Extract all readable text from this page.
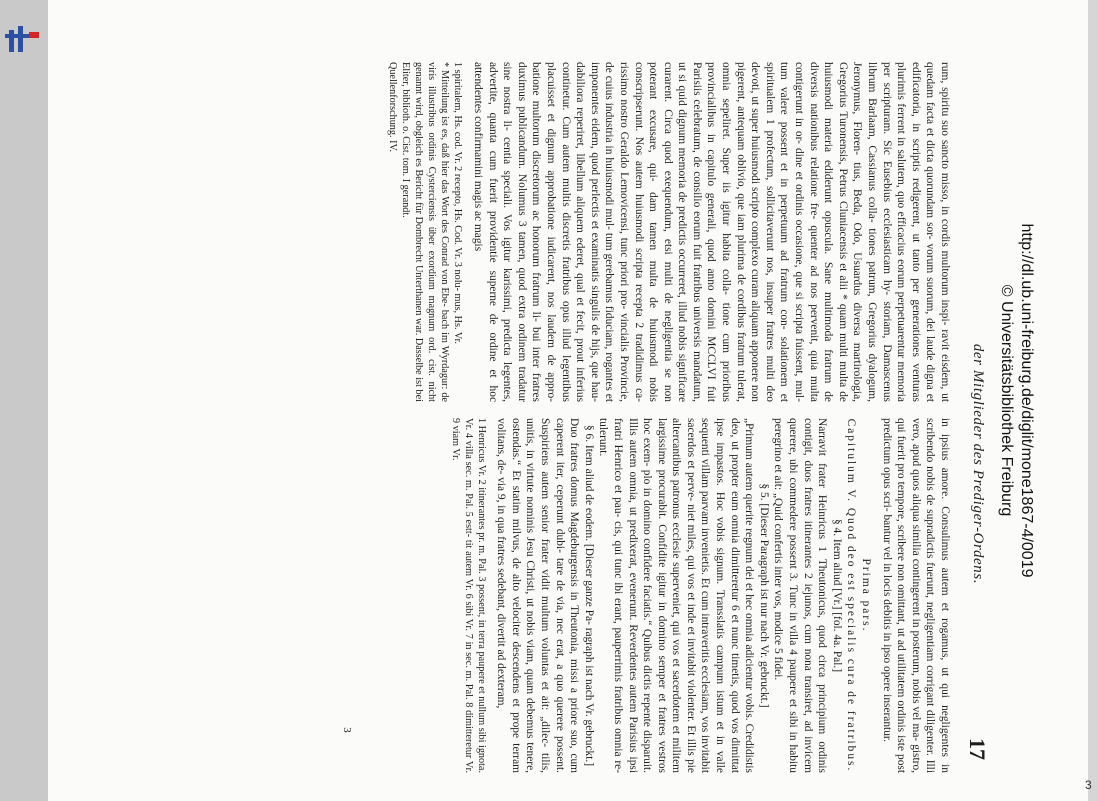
der Mitglieder des Prediger-Ordens.
17

rum, spiritu suo sancto misso, in cordis multorum inspi- ravit eisdem, ut quedam facta et dicta quorundam sor- vorum suorum, dei laude digna et edificatoria, in scriptis redigerent, ut tanto per generationes venturas plurimis ferrent in salutem, quo efficacius eorum perpetuarentur memoria per scripturam. Sic Eusebius ecclesiasticam hy- storiam, Damascenus librum Barlaam, Cassianus colla- tiones patrum, Gregorius dyalogum, Jeronymus, Floren- tius, Beda, Odo, Usuardus diversa martirologia, Gregorius Turonensis, Petrus Cluniacensis et alii * quam multi multa de huiusmodi materia ediderunt opuscula. Sane multimoda fratrum de diversis nationibus relatione fre- quenter ad nos pervenit, quia multa contigerunt in or- dine et ordinis occasione, que si scripta fuissent, mul- tum valere possent et in perpetuum ad fratrum con- solationem et spiritualem 1 profectum, sollicitaverunt nos, insuper fratres multi deo devoti, ut super huiusmodi scripto complexo curam aliquam apponere non pigerent, antequam oblivio, que iam plurima de cordibus fratrum tulerat, omnia sepeliret. Super iis igitur habita colla- tione cum prioribus provincialibus in capitulo generali, quod anno domini MCCLVI fuit Parisiis celebratum, de consilio eorum fuit fratribus universis mandatum, ut si quid dignum memoria de predictis occurreret, illud nobis significare curarent. Circa quod exequendum, etsi multi de negligentia se non poterant excusare, qui- dam tamen multa de huiusmodi nobis conscripserunt. Nos autem huiusmodi scripta recepta 2 tradidimus ca- rissimo nostro Geraldo Lemovicensi, tunc priori pro- vincialis Provincie, de cuius industria in huiusmodi mul- tum gerebamus fiduciam, rogantes et imponentes eidem, quod perlectis et examinatis singulis de hijs, que hau- dabiliora reperiret, libellum aliquem ederet, qual et fecit, prout inferius continetur. Cum autem multis discretis fratribus opus illud legentibus placuisset et dignum approbatione iudicarent, nos laudem de appro- batione multorum discretorum ac honorum fratrum li- bui inter fratres duximus publicandum. Nolumus 3 tamen, quod extra ordinem tradatur sine nostra li- centia speciali. Vos igitur karissimi, predicta legentes, advertite, quanta cum fuerit providentie superne de ordine et hoc attendentes confirmamini magis ac magis

1 spiritalem, Hs. cod. Vr. 2 recepto, Hs. Cod. Vr. 3 nolu- mus, Hs. Vr.

* Mitteilung ist es, daß hier das Wort des Conrad von Ebe- bach im Wyrdagur: de viris illustribus ordinis Cysterciensis über exordium magnum ord. cist. nicht genannt wird, obgleich es Bericht für Dombrecht Unterthanen war. Dasselbe ist bei Eliter, biblioth. o. Cist. tom. I gerandt.

Quellenforschung. IV.

in ipsius amore. Consulimus autem et rogamus, ut qui negligentes in scribendo nobis de supradictis fuerunt, negligentiam corrigant diligenter. Illi vero, apud quos aliqua similia contingerent in posterum, nobis vel ma- gistro, qui fuerit pro tempore, scribere non omittant, ut ad utilitatem ordinis iste post predictum opus scri- bantur vel in locis debitis in ipso opere inserantur.

Prima pars.

Capitulum V. Quod deo est specialis cura de fratribus.

§ 4. Item aliud [Vr.] [fol. 4a. Pal.]

Narravit frater Heinricus 1 Theutonicus, quod circa principium ordinis contigit, duos fratres itinerantes 2 iejunos, cum nona transiret, ad invicem querere, ubi commedere possent 3. Tunc in villa 4 paupere et sibi in habitu peregrino et ait: „Quid confertis inter vos, modice 5 fidei.

§ 5. [Dieser Paragraph ist nur nach Vr. gebruckt.]

„Primum autem querite regnum dei et hec omnia adicientur vobis. Credidistis deo, ut propter eum omnia dimitteretur 6 et nunc timetis, quod vos dimittat ipse impastos. Hoc vobis signum. Transslatis campum istum et in valle sequenti villam parvam invenietis. Et cum intraveritis ecclesiam, vos invitabit sacerdos et perve- niet miles, qui vos et inde et invitabit violenter. Et illis pie altercantibus patronus ecclesie superveniet, qui vos et sacerdotem et militem largissime procurabit. Confidite igitur in domino semper et fratres vestros hoc exem- plo in domino confidere faciatis.“ Quibus dictis repente disparuit. Illis autem omnia, ut predixerat, evenerunt. Reverdentes autem Parisius ipsi fratri Henrico et pau- cis, qui tunc ibi erant, pauperrimis fratribus omnia re- tulerunt.

§ 6. Item aliud de eodem. [Dieser ganze Pa- ragraph ist nach Vr. gebruckt.]

Duo fratres domus Magdeburgensis in Theutonia, missi a priore suo, cum caperent iter, ceperunt dubi- tare de via, nec erat, a quo querere possent. Suspiriens autem senior frater vidit multum voluntas et ait: „dilec- tilis, unitis, in virtute nominis Jesu Christi, ut nobis viam, quam debemus tenere, ostendas.“ Et statim milvus, de alto velociter descendens et prope terram volitans, de- via 9, in qua fratres sedebant, divertit ad dexteram,

1 Henricus Vr. 2 itinerantes pr. m. Pal. 3 possent, in terra paupere et nullum sibi ignota. Vr. 4 villa sec. m. Pal. 5 estt- tit autem Vr. 6 sibi Vr. 7 in sec. m. Pal. 8 dimitteretur Vr. 9 viam Vr.

3
3
http://dl.ub.uni-freiburg.de/diglit/mone1867-4/0019
© Universitätsbibliothek Freiburg
